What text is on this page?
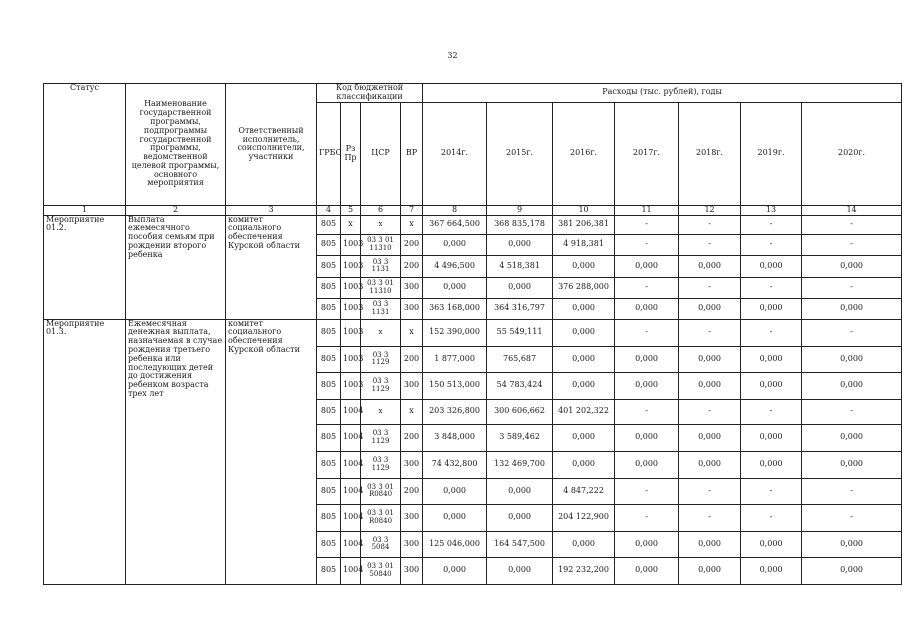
32
Статус	Наименование государственной программы, подпрограммы государственной программы, ведомственной целевой программы, основного мероприятия	Ответственный исполнитель, соисполнители, участники	Код бюджетной классификации				Расходы (тыс. рублей), годы						
			ГРБС	Рз Пр	ЦСР	ВР	2014г.	2015г.	2016г.	2017г.	2018г.	2019г.	2020г.
1	2	3	4	5	6	7	8	9	10	11	12	13	14
Мероприятие 01.2.	Выплата ежемесячного пособия семьям при рождении второго ребенка	комитет социального обеспечения Курской области	805	x	x	x	367 664,500	368 835,178	381 206,381	-	-	-	-
			805	1003	03 3 01 11310	200	0,000	0,000	4 918,381	-	-	-	-
			805	1003	03 3 1131	200	4 496,500	4 518,381	0,000	0,000	0,000	0,000	0,000
			805	1003	03 3 01 11310	300	0,000	0,000	376 288,000	-	-	-	-
			805	1003	03 3 1131	300	363 168,000	364 316,797	0,000	0,000	0,000	0,000	0,000
Мероприятие 01.3.	Ежемесячная денежная выплата, назначаемая в случае рождения третьего ребенка или последующих детей до достижения ребенком возраста трех лет	комитет социального обеспечения Курской области	805	1003	x	x	152 390,000	55 549,111	0,000	-	-	-	-
			805	1003	03 3 1129	200	1 877,000	765,687	0,000	0,000	0,000	0,000	0,000
			805	1003	03 3 1129	300	150 513,000	54 783,424	0,000	0,000	0,000	0,000	0,000
			805	1004	x	x	203 326,800	300 606,662	401 202,322	-	-	-	-
			805	1004	03 3 1129	200	3 848,000	3 589,462	0,000	0,000	0,000	0,000	0,000
			805	1004	03 3 1129	300	74 432,800	132 469,700	0,000	0,000	0,000	0,000	0,000
			805	1004	03 3 01 R0840	200	0,000	0,000	4 847,222	-	-	-	-
			805	1004	03 3 01 R0840	300	0,000	0,000	204 122,900	-	-	-	-
			805	1004	03 3 5084	300	125 046,000	164 547,500	0,000	0,000	0,000	0,000	0,000
			805	1004	03 3 01 50840	300	0,000	0,000	192 232,200	0,000	0,000	0,000	0,000
